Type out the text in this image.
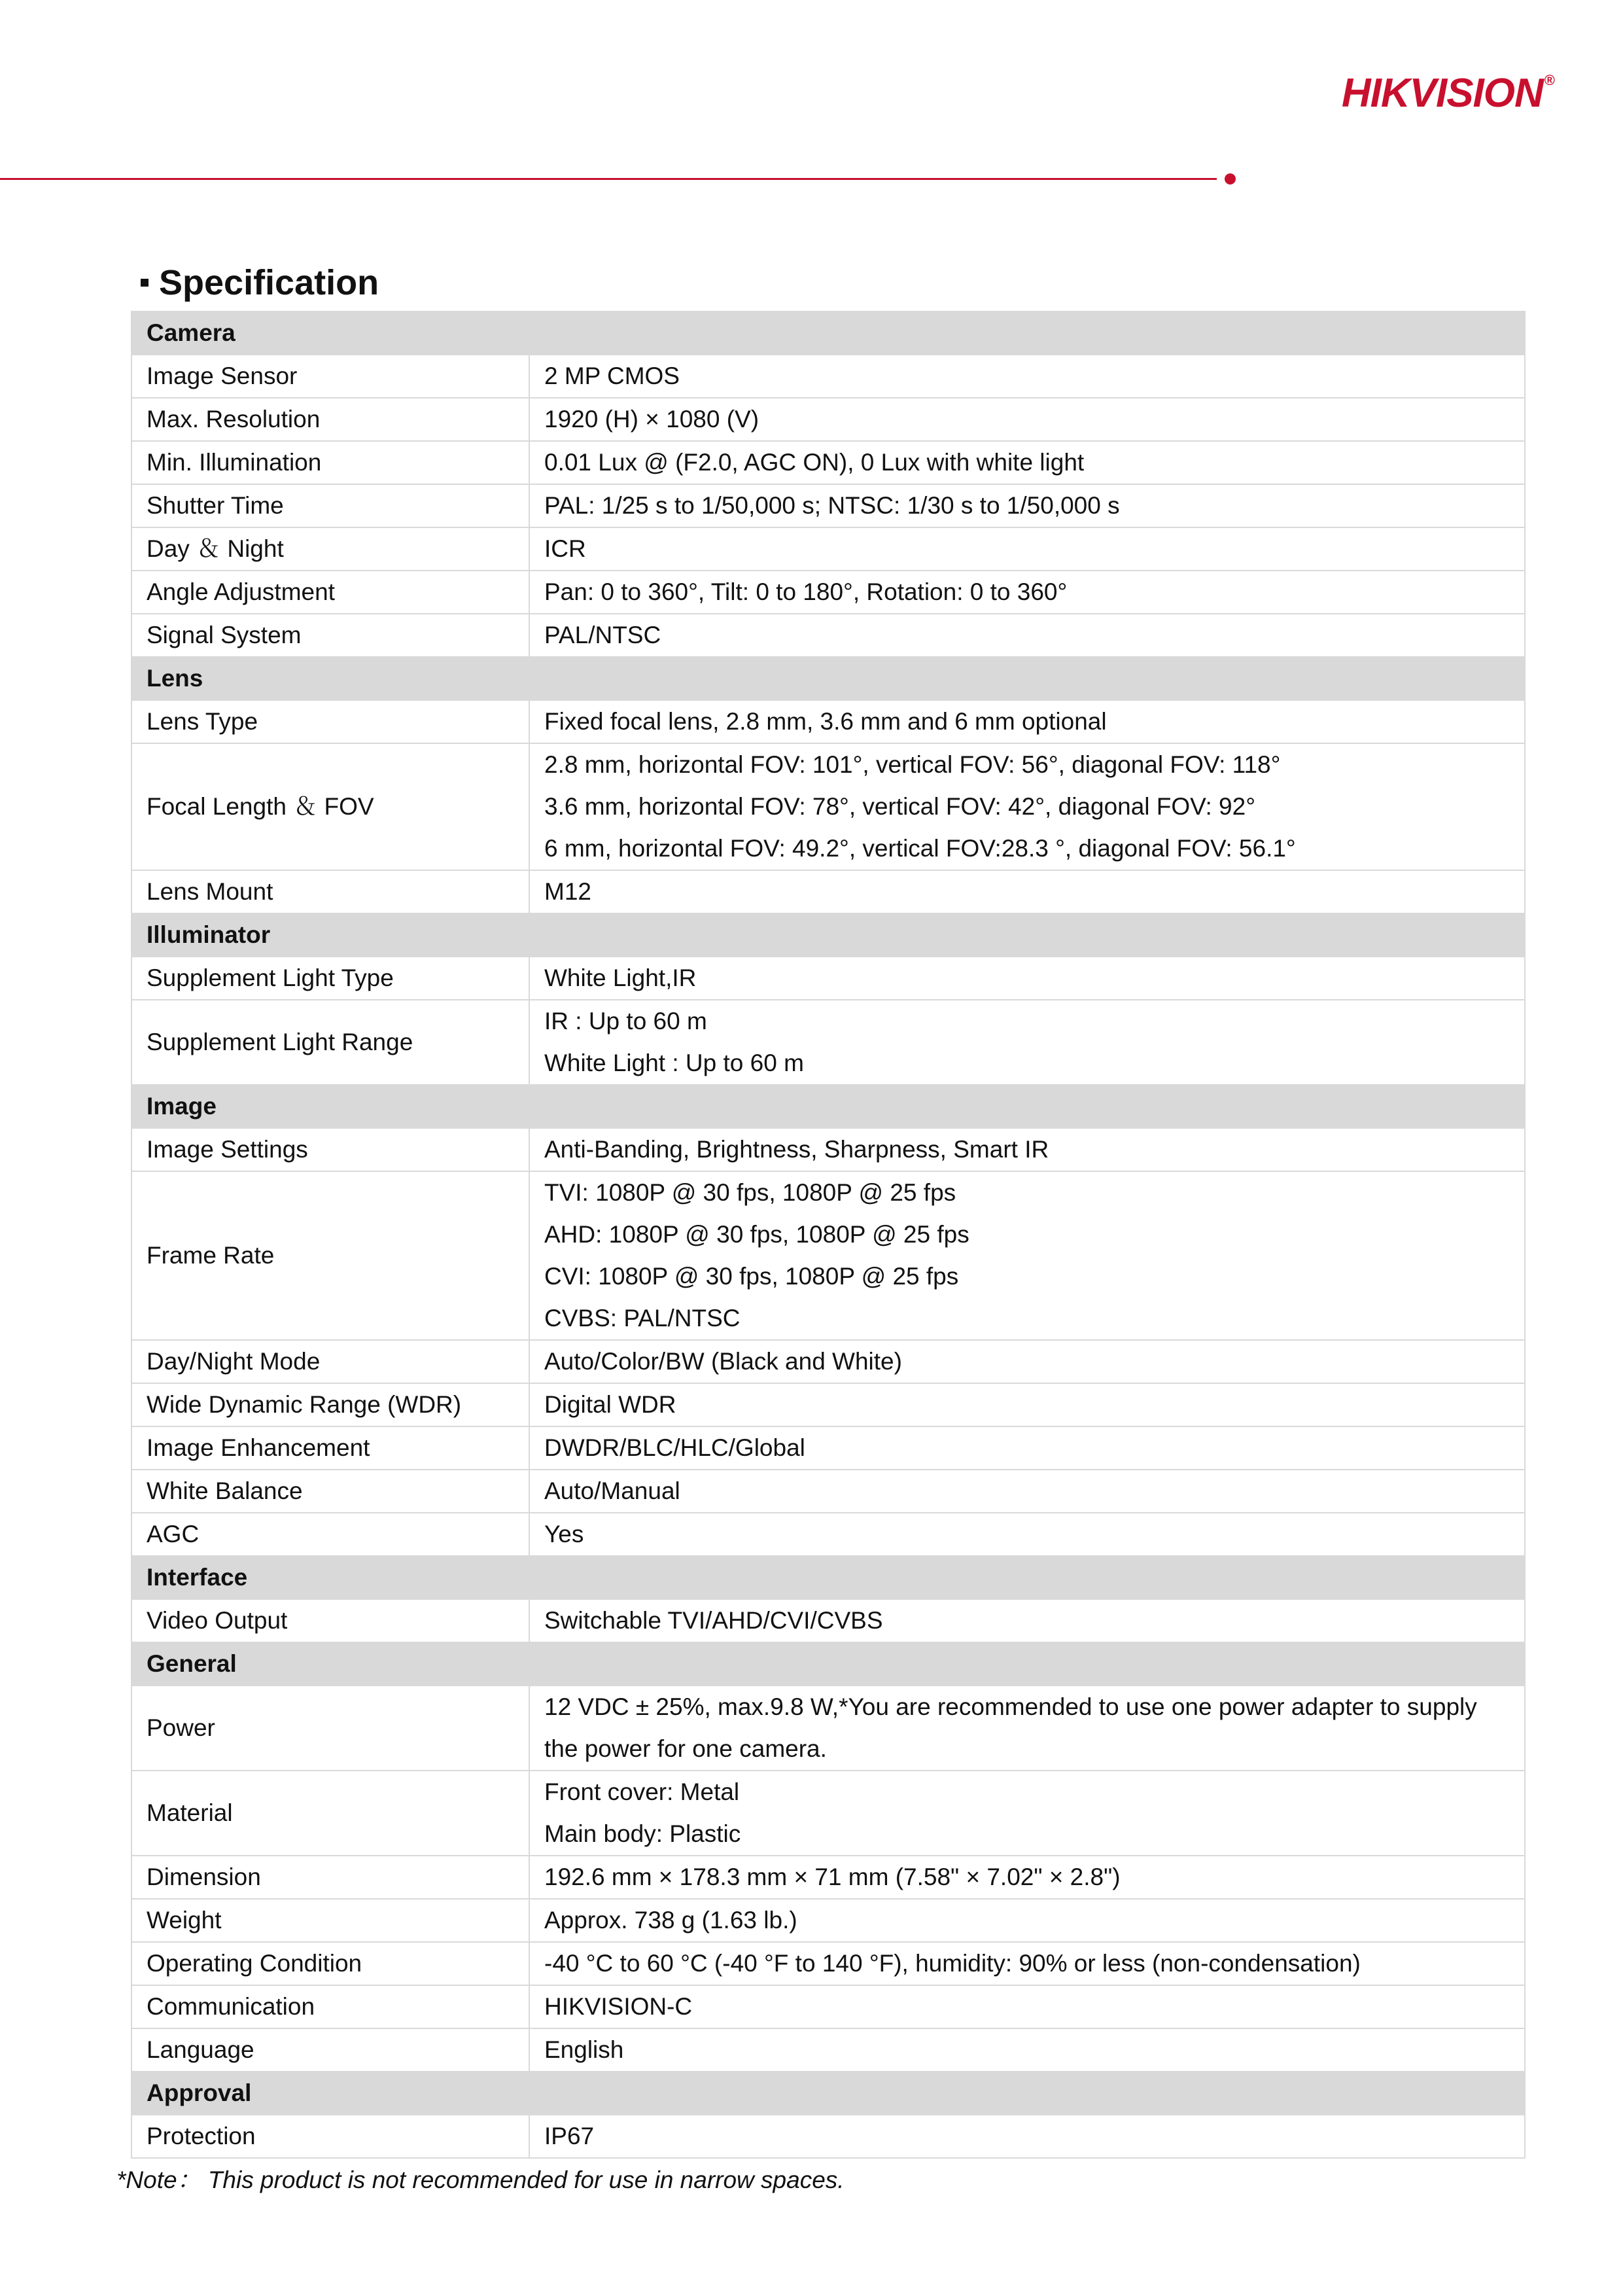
HIKVISION®
Specification
Camera	
Image Sensor	2 MP CMOS

Max. Resolution	1920 (H) × 1080 (V)

Min. Illumination	0.01 Lux @ (F2.0, AGC ON), 0 Lux with white light

Shutter Time	PAL: 1/25 s to 1/50,000 s; NTSC: 1/30 s to 1/50,000 s

Day ＆ Night	ICR

Angle Adjustment	Pan: 0 to 360°, Tilt: 0 to 180°, Rotation: 0 to 360°

Signal System	PAL/NTSC

Lens	
Lens Type	Fixed focal lens, 2.8 mm, 3.6 mm and 6 mm optional

Focal Length ＆ FOV	2.8 mm, horizontal FOV: 101°, vertical FOV: 56°, diagonal FOV: 118°
3.6 mm, horizontal FOV: 78°, vertical FOV: 42°, diagonal FOV: 92°
6 mm, horizontal FOV: 49.2°, vertical FOV:28.3 °, diagonal FOV: 56.1°

Lens Mount	M12

Illuminator	
Supplement Light Type	White Light,IR

Supplement Light Range	IR : Up to 60 m
White Light : Up to 60 m

Image	
Image Settings	Anti-Banding, Brightness, Sharpness, Smart IR

Frame Rate	TVI: 1080P @ 30 fps, 1080P @ 25 fps
AHD: 1080P @ 30 fps, 1080P @ 25 fps
CVI: 1080P @ 30 fps, 1080P @ 25 fps
CVBS: PAL/NTSC

Day/Night Mode	Auto/Color/BW (Black and White)

Wide Dynamic Range (WDR)	Digital WDR

Image Enhancement	DWDR/BLC/HLC/Global

White Balance	Auto/Manual

AGC	Yes

Interface	
Video Output	Switchable TVI/AHD/CVI/CVBS

General	
Power	12 VDC ± 25%, max.9.8 W,*You are recommended to use one power adapter to supply
the power for one camera.

Material	Front cover: Metal
Main body: Plastic

Dimension	192.6 mm × 178.3 mm × 71 mm (7.58" × 7.02" × 2.8")

Weight	Approx. 738 g (1.63 lb.)

Operating Condition	-40 °C to 60 °C (-40 °F to 140 °F), humidity: 90% or less (non-condensation)

Communication	HIKVISION-C

Language	English

Approval	
Protection	IP67
*Note： This product is not recommended for use in narrow spaces.
